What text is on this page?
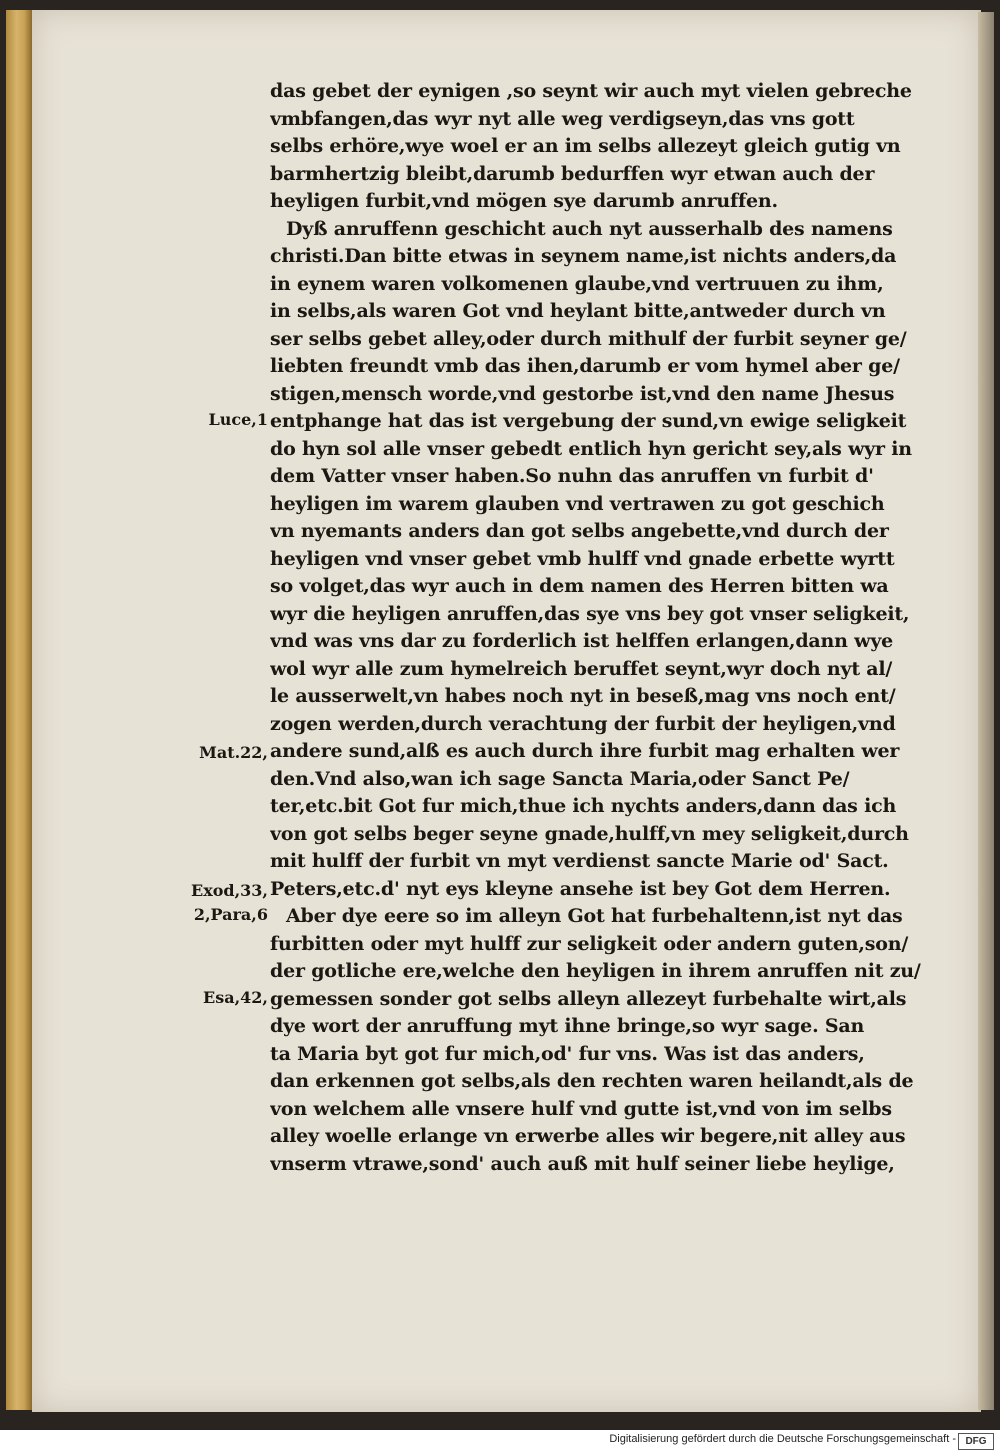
das gebet der eynigen ,so seynt wir auch myt vielen gebreche
vmbfangen,das wyr nyt alle weg verdigseyn,das vns gott
selbs erhöre,wye woel er an im selbs allezeyt gleich gutig vn
barmhertzig bleibt,darumb bedurffen wyr etwan auch der
heyligen furbit,vnd mögen sye darumb anruffen.
Dyß anruffenn geschicht auch nyt ausserhalb des namens
christi.Dan bitte etwas in seynem name,ist nichts anders,da
in eynem waren volkomenen glaube,vnd vertruuen zu ihm,
in selbs,als waren Got vnd heylant bitte,antweder durch vn
ser selbs gebet alley,oder durch mithulf der furbit seyner ge/
liebten freundt vmb das ihen,darumb er vom hymel aber ge/
stigen,mensch worde,vnd gestorbe ist,vnd den name Jhesus
entphange hat das ist vergebung der sund,vn ewige seligkeit
do hyn sol alle vnser gebedt entlich hyn gericht sey,als wyr in
dem Vatter vnser haben.So nuhn das anruffen vn furbit d'
heyligen im warem glauben vnd vertrawen zu got geschich
vn nyemants anders dan got selbs angebette,vnd durch der
heyligen vnd vnser gebet vmb hulff vnd gnade erbette wyrtt
so volget,das wyr auch in dem namen des Herren bitten wa
wyr die heyligen anruffen,das sye vns bey got vnser seligkeit,
vnd was vns dar zu forderlich ist helffen erlangen,dann wye
wol wyr alle zum hymelreich beruffet seynt,wyr doch nyt al/
le ausserwelt,vn habes noch nyt in beseß,mag vns noch ent/
zogen werden,durch verachtung der furbit der heyligen,vnd
andere sund,alß es auch durch ihre furbit mag erhalten wer
den.Vnd also,wan ich sage Sancta Maria,oder Sanct Pe/
ter,etc.bit Got fur mich,thue ich nychts anders,dann das ich
von got selbs beger seyne gnade,hulff,vn mey seligkeit,durch
mit hulff der furbit vn myt verdienst sancte Marie od' Sact.
Peters,etc.d' nyt eys kleyne ansehe ist bey Got dem Herren.
Aber dye eere so im alleyn Got hat furbehaltenn,ist nyt das
furbitten oder myt hulff zur seligkeit oder andern guten,son/
der gotliche ere,welche den heyligen in ihrem anruffen nit zu/
gemessen sonder got selbs alleyn allezeyt furbehalte wirt,als
dye wort der anruffung myt ihne bringe,so wyr sage. San
ta Maria byt got fur mich,od' fur vns. Was ist das anders,
dan erkennen got selbs,als den rechten waren heilandt,als de
von welchem alle vnsere hulf vnd gutte ist,vnd von im selbs
alley woelle erlange vn erwerbe alles wir begere,nit alley aus
vnserm vtrawe,sond' auch auß mit hulf seiner liebe heylige,
Luce,1
Mat.22,
Exod,33,
2,Para,6
Esa,42,
Digitalisierung gefördert durch die Deutsche Forschungsgemeinschaft - DFG
